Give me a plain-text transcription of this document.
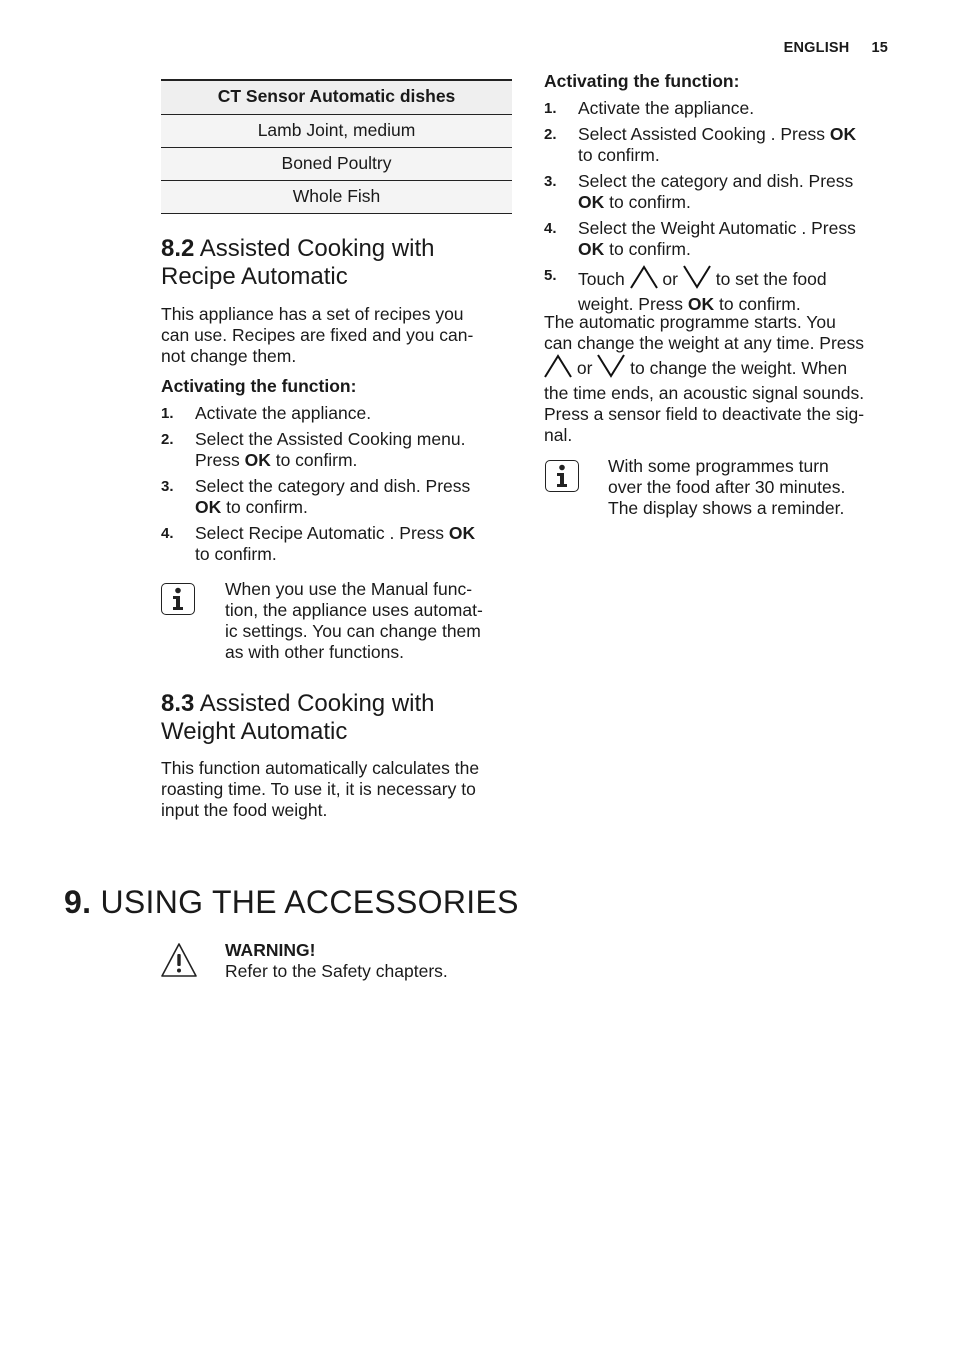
ENGLISH 15
CT Sensor Automatic dishes
Lamb Joint, medium
Boned Poultry
Whole Fish
8.2 Assisted Cooking with
Recipe Automatic
This appliance has a set of recipes you
can use. Recipes are fixed and you can-
not change them.
Activating the function:
1. Activate the appliance.
2. Select the Assisted Cooking menu.
Press OK to confirm.
3. Select the category and dish. Press
OK to confirm.
4. Select Recipe Automatic . Press OK
to confirm.
When you use the Manual func-
tion, the appliance uses automat-
ic settings. You can change them
as with other functions.
8.3 Assisted Cooking with
Weight Automatic
This function automatically calculates the
roasting time. To use it, it is necessary to
input the food weight.
9. USING THE ACCESSORIES
WARNING!
Refer to the Safety chapters.
Activating the function:
1. Activate the appliance.
2. Select Assisted Cooking . Press OK
to confirm.
3. Select the category and dish. Press
OK to confirm.
4. Select the Weight Automatic . Press
OK to confirm.
5. Touch  or  to set the food
weight. Press OK to confirm.
The automatic programme starts. You
can change the weight at any time. Press
or  to change the weight. When
the time ends, an acoustic signal sounds.
Press a sensor field to deactivate the sig-
nal.
With some programmes turn
over the food after 30 minutes.
The display shows a reminder.
